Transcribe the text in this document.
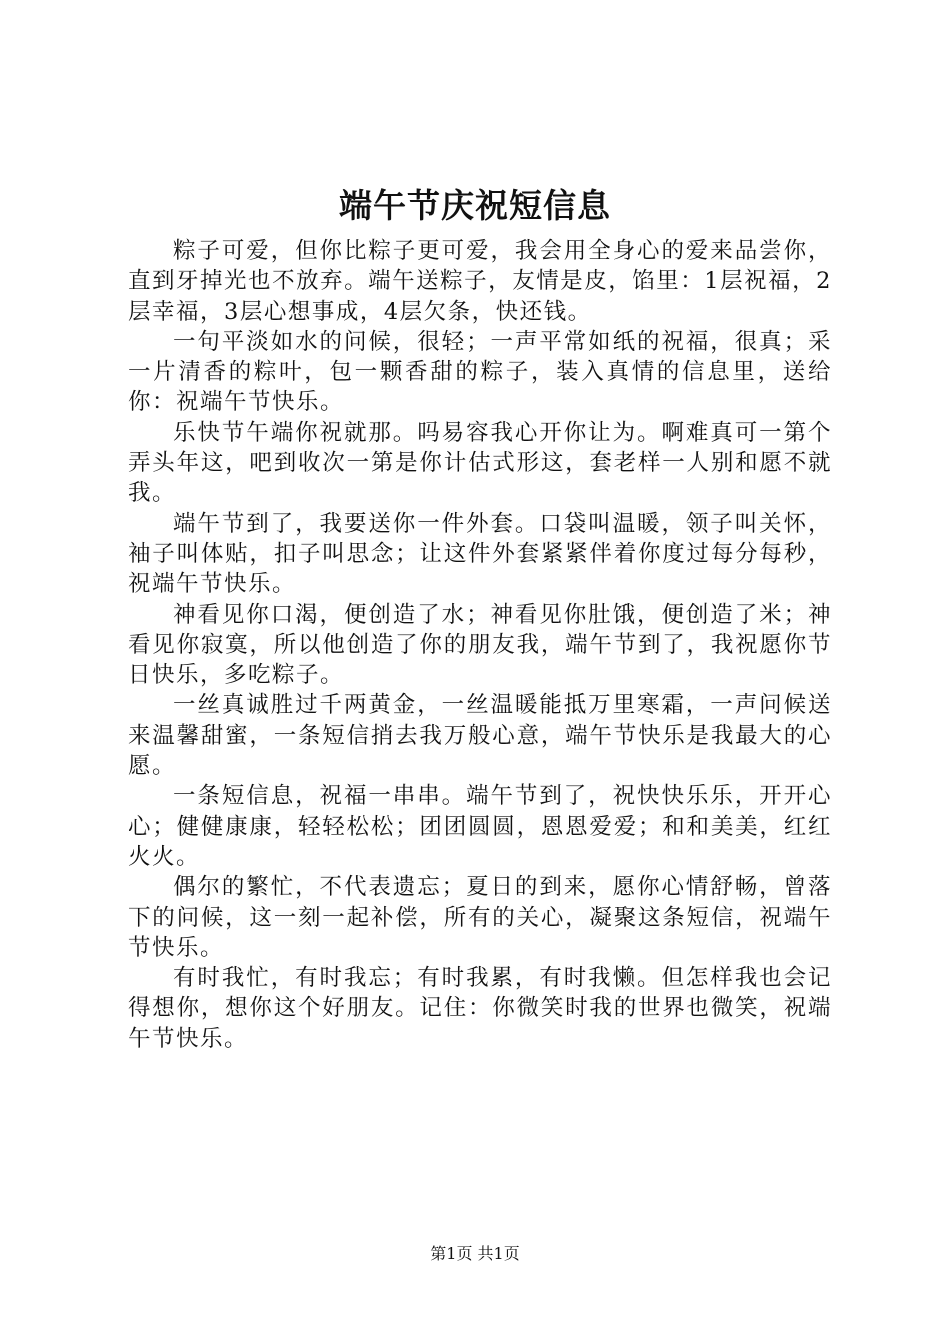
端午节庆祝短信息

粽子可爱，但你比粽子更可爱，我会用全身心的爱来品尝你，直到牙掉光也不放弃。端午送粽子，友情是皮，馅里：1层祝福，2层幸福，3层心想事成，4层欠条，快还钱。

一句平淡如水的问候，很轻；一声平常如纸的祝福，很真；采一片清香的粽叶，包一颗香甜的粽子，装入真情的信息里，送给你：祝端午节快乐。

乐快节午端你祝就那。吗易容我心开你让为。啊难真可一第个弄头年这，吧到收次一第是你计估式形这，套老样一人别和愿不就我。

端午节到了，我要送你一件外套。口袋叫温暖，领子叫关怀，袖子叫体贴，扣子叫思念；让这件外套紧紧伴着你度过每分每秒，祝端午节快乐。

神看见你口渴，便创造了水；神看见你肚饿，便创造了米；神看见你寂寞，所以他创造了你的朋友我，端午节到了，我祝愿你节日快乐，多吃粽子。

一丝真诚胜过千两黄金，一丝温暖能抵万里寒霜，一声问候送来温馨甜蜜，一条短信捎去我万般心意，端午节快乐是我最大的心愿。

一条短信息，祝福一串串。端午节到了，祝快快乐乐，开开心心；健健康康，轻轻松松；团团圆圆，恩恩爱爱；和和美美，红红火火。

偶尔的繁忙，不代表遗忘；夏日的到来，愿你心情舒畅，曾落下的问候，这一刻一起补偿，所有的关心，凝聚这条短信，祝端午节快乐。

有时我忙，有时我忘；有时我累，有时我懒。但怎样我也会记得想你，想你这个好朋友。记住：你微笑时我的世界也微笑，祝端午节快乐。

第1页 共1页
